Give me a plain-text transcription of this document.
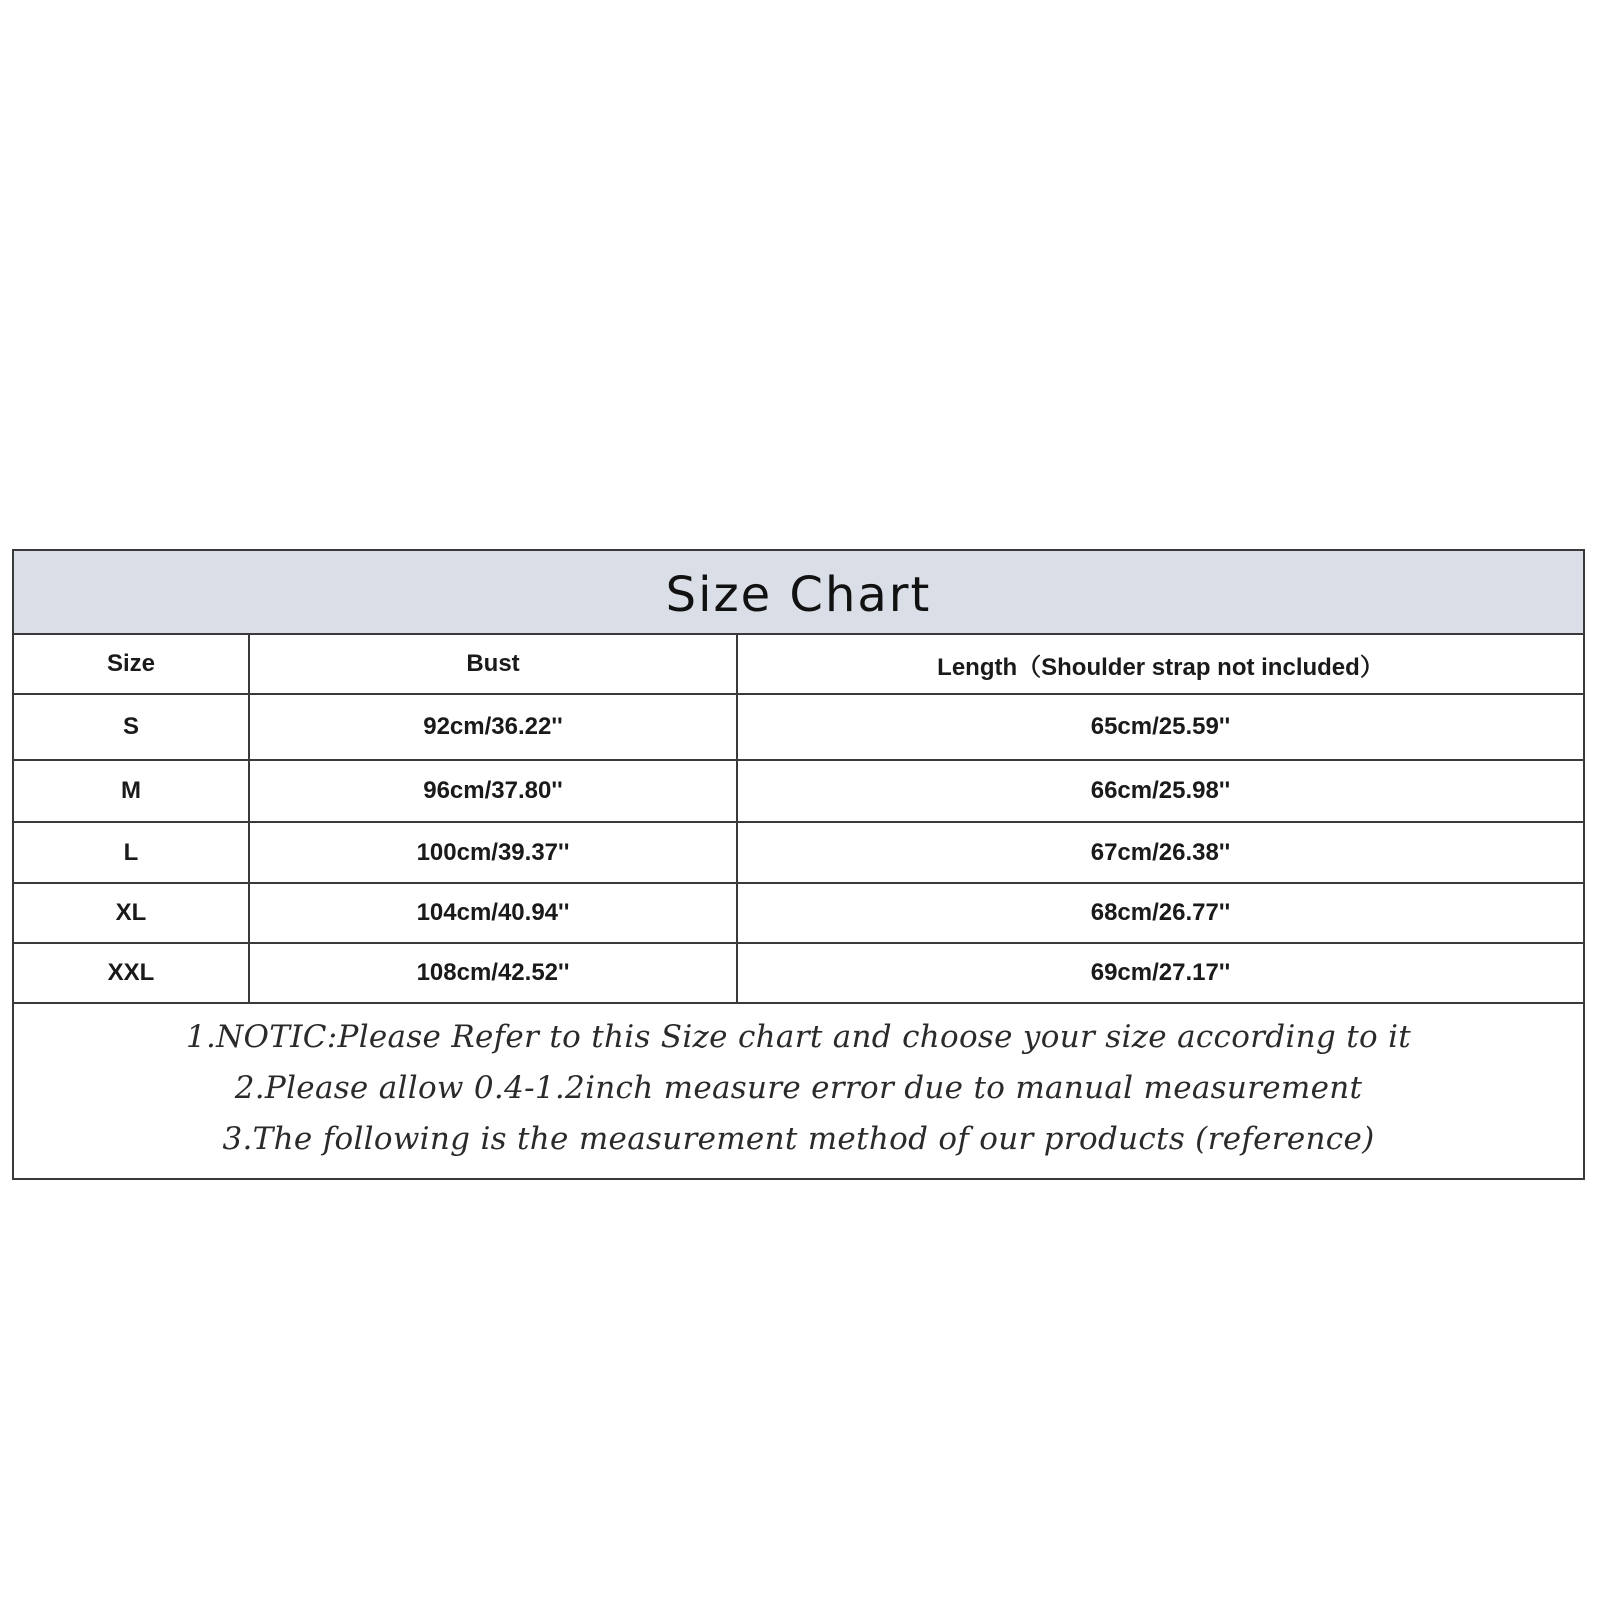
Size Chart
Size	Bust	Length（Shoulder strap not included）
S	92cm/36.22''	65cm/25.59''
M	96cm/37.80''	66cm/25.98''
L	100cm/39.37''	67cm/26.38''
XL	104cm/40.94''	68cm/26.77''
XXL	108cm/42.52''	69cm/27.17''

1.NOTIC:Please Refer to this Size chart and choose your size according to it

2.Please allow 0.4-1.2inch measure error due to manual measurement

3.The following is the measurement method of our products (reference)
